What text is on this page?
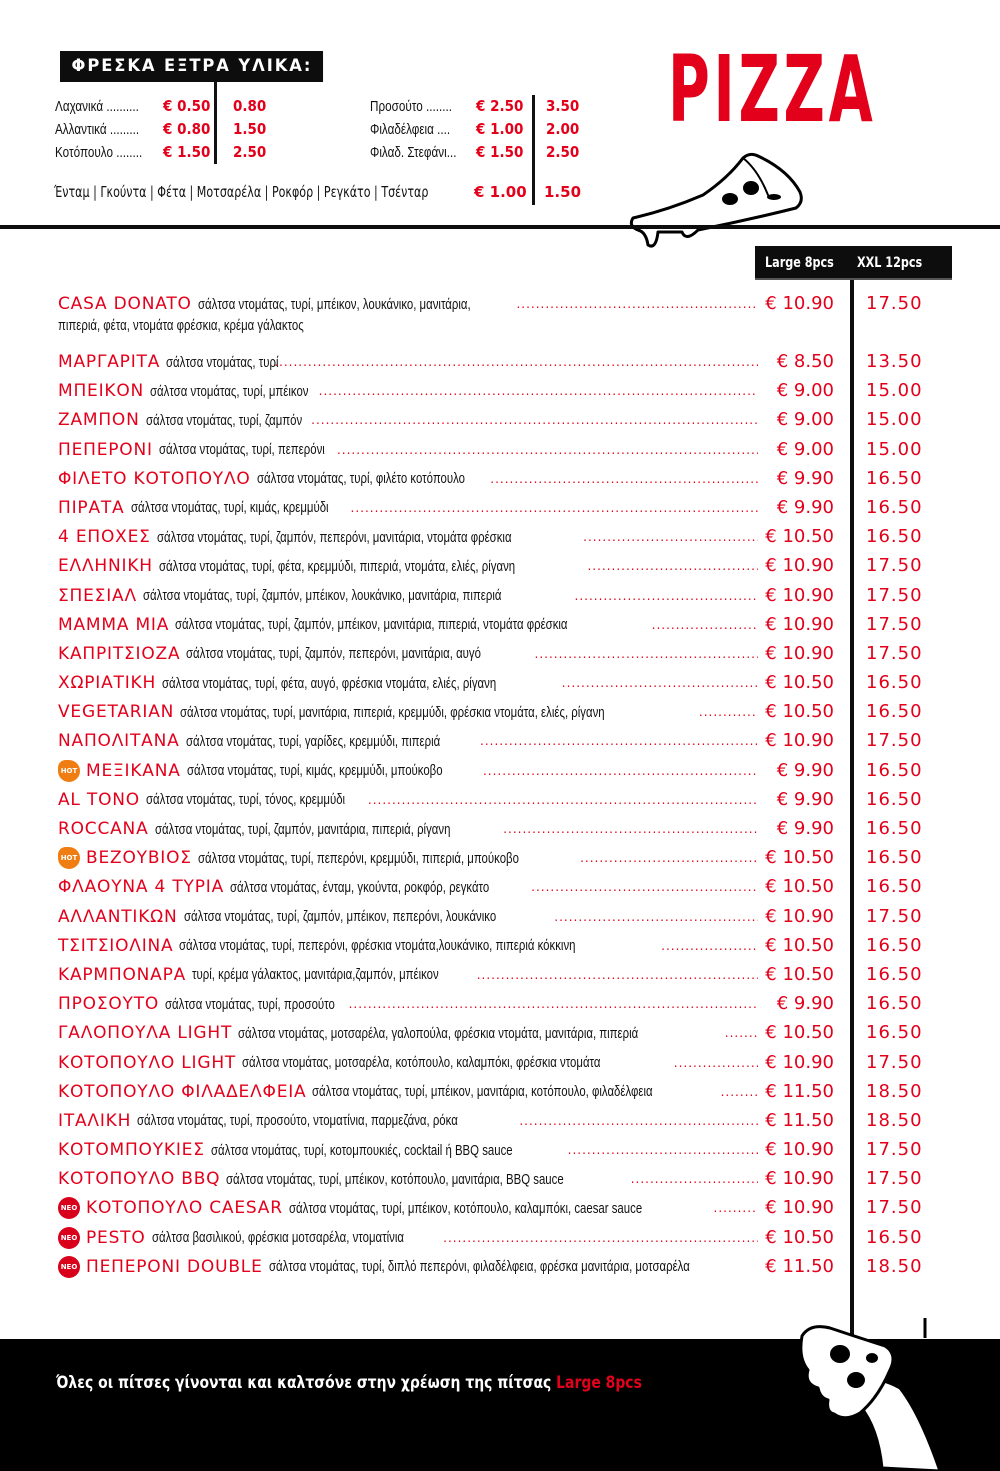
ΦΡΕΣΚΑ ΕΞΤΡΑ ΥΛΙΚΑ:
Λαχανικά .......... € 0.50 0.80
Αλλαντικά ......... € 0.80 1.50
Κοτόπουλο ........ € 1.50 2.50
Προσούτο ........ € 2.50 3.50
Φιλαδέλφεια .... € 1.00 2.00
Φιλαδ. Στεφάνι... € 1.50 2.50
Ένταμ | Γκούντα | Φέτα | Μοτσαρέλα | Ροκφόρ | Ρεγκάτο | Τσένταρ	€ 1.00 1.50
PIZZA
Large 8pcs XXL 12pcs
CASA DONATO σάλτσα ντομάτας, τυρί, μπέικον, λουκάνικο, μανιτάρια, .....	€ 10.90 17.50
πιπεριά, φέτα, ντομάτα φρέσκια, κρέμα γάλακτος
ΜΑΡΓΑΡΙΤΑ σάλτσα ντομάτας, τυρί .....	€ 8.50 13.50
ΜΠΕΙΚΟΝ σάλτσα ντομάτας, τυρί, μπέικον .....	€ 9.00 15.00
ΖΑΜΠΟΝ σάλτσα ντομάτας, τυρί, ζαμπόν .....	€ 9.00 15.00
ΠΕΠΕΡΟΝΙ σάλτσα ντομάτας, τυρί, πεπερόνι .....	€ 9.00 15.00
ΦΙΛΕΤΟ ΚΟΤΟΠΟΥΛΟ σάλτσα ντομάτας, τυρί, φιλέτο κοτόπουλο .....	€ 9.90 16.50
ΠΙΡΑΤΑ σάλτσα ντομάτας, τυρί, κιμάς, κρεμμύδι .....	€ 9.90 16.50
4 ΕΠΟΧΕΣ σάλτσα ντομάτας, τυρί, ζαμπόν, πεπερόνι, μανιτάρια, ντομάτα φρέσκια .....	€ 10.50 16.50
ΕΛΛΗΝΙΚΗ σάλτσα ντομάτας, τυρί, φέτα, κρεμμύδι, πιπεριά, ντομάτα, ελιές, ρίγανη .....	€ 10.90 17.50
ΣΠΕΣΙΑΛ σάλτσα ντομάτας, τυρί, ζαμπόν, μπέικον, λουκάνικο, μανιτάρια, πιπεριά .....	€ 10.90 17.50
ΜΑΜΜΑ ΜΙΑ σάλτσα ντομάτας, τυρί, ζαμπόν, μπέικον, μανιτάρια, πιπεριά, ντομάτα φρέσκια .....	€ 10.90 17.50
ΚΑΠΡΙΤΣΙΟΖΑ σάλτσα ντομάτας, τυρί, ζαμπόν, πεπερόνι, μανιτάρια, αυγό .....	€ 10.90 17.50
ΧΩΡΙΑΤΙΚΗ σάλτσα ντομάτας, τυρί, φέτα, αυγό, φρέσκια ντομάτα, ελιές, ρίγανη .....	€ 10.50 16.50
VEGETARIAN σάλτσα ντομάτας, τυρί, μανιτάρια, πιπεριά, κρεμμύδι, φρέσκια ντομάτα, ελιές, ρίγανη .....	€ 10.50 16.50
ΝΑΠΟΛΙΤΑΝΑ σάλτσα ντομάτας, τυρί, γαρίδες, κρεμμύδι, πιπεριά .....	€ 10.90 17.50
HOT ΜΕΞΙΚΑΝΑ σάλτσα ντομάτας, τυρί, κιμάς, κρεμμύδι, μπούκοβο .....	€ 9.90 16.50
AL TONO σάλτσα ντομάτας, τυρί, τόνος, κρεμμύδι .....	€ 9.90 16.50
ROCCANA σάλτσα ντομάτας, τυρί, ζαμπόν, μανιτάρια, πιπεριά, ρίγανη .....	€ 9.90 16.50
HOT ΒΕΖΟΥΒΙΟΣ σάλτσα ντομάτας, τυρί, πεπερόνι, κρεμμύδι, πιπεριά, μπούκοβο .....	€ 10.50 16.50
ΦΛΑΟΥΝΑ 4 ΤΥΡΙΑ σάλτσα ντομάτας, ένταμ, γκούντα, ροκφόρ, ρεγκάτο .....	€ 10.50 16.50
ΑΛΛΑΝΤΙΚΩΝ σάλτσα ντομάτας, τυρί, ζαμπόν, μπέικον, πεπερόνι, λουκάνικο .....	€ 10.90 17.50
ΤΣΙΤΣΙΟΛΙΝΑ σάλτσα ντομάτας, τυρί, πεπερόνι, φρέσκια ντομάτα,λουκάνικο, πιπεριά κόκκινη .....	€ 10.50 16.50
ΚΑΡΜΠΟΝΑΡΑ τυρί, κρέμα γάλακτος, μανιτάρια,ζαμπόν, μπέικον .....	€ 10.50 16.50
ΠΡΟΣΟΥΤΟ σάλτσα ντομάτας, τυρί, προσούτο .....	€ 9.90 16.50
ΓΑΛΟΠΟΥΛΑ LIGHT σάλτσα ντομάτας, μοτσαρέλα, γαλοπούλα, φρέσκια ντομάτα, μανιτάρια, πιπεριά .....	€ 10.50 16.50
ΚΟΤΟΠΟΥΛΟ LIGHT σάλτσα ντομάτας, μοτσαρέλα, κοτόπουλο, καλαμπόκι, φρέσκια ντομάτα .....	€ 10.90 17.50
ΚΟΤΟΠΟΥΛΟ ΦΙΛΑΔΕΛΦΕΙΑ σάλτσα ντομάτας, τυρί, μπέικον, μανιτάρια, κοτόπουλο, φιλαδέλφεια .....	€ 11.50 18.50
ΙΤΑΛΙΚΗ σάλτσα ντομάτας, τυρί, προσούτο, ντοματίνια, παρμεζάνα, ρόκα .....	€ 11.50 18.50
ΚΟΤΟΜΠΟΥΚΙΕΣ σάλτσα ντομάτας, τυρί, κοτομπουκιές, cocktail ή BBQ sauce .....	€ 10.90 17.50
ΚΟΤΟΠΟΥΛΟ BBQ σάλτσα ντομάτας, τυρί, μπέικον, κοτόπουλο, μανιτάρια, BBQ sauce .....	€ 10.90 17.50
NEO ΚΟΤΟΠΟΥΛΟ CAESAR σάλτσα ντομάτας, τυρί, μπέικον, κοτόπουλο, καλαμπόκι, caesar sauce .....	€ 10.90 17.50
NEO PESTO σάλτσα βασιλικού, φρέσκια μοτσαρέλα, ντοματίνια .....	€ 10.50 16.50
NEO ΠΕΠΕΡΟΝΙ DOUBLE σάλτσα ντομάτας, τυρί, διπλό πεπερόνι, φιλαδέλφεια, φρέσκα μανιτάρια, μοτσαρέλα	€ 11.50 18.50
Όλες οι πίτσες γίνονται και καλτσόνε στην χρέωση της πίτσας Large 8pcs
